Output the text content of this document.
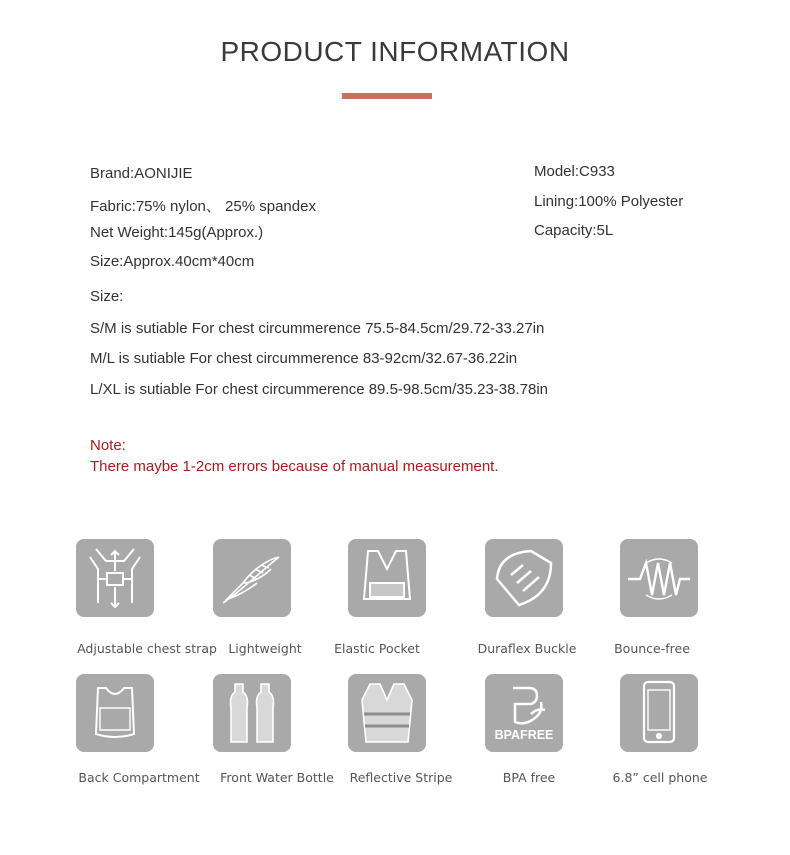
PRODUCT INFORMATION
Brand:AONIJIE
Fabric:75% nylon、 25% spandex
Net Weight:145g(Approx.)
Size:Approx.40cm*40cm
Model:C933
Lining:100% Polyester
Capacity:5L
Size:
S/M is sutiable For chest circummerence 75.5-84.5cm/29.72-33.27in
M/L is sutiable For chest circummerence 83-92cm/32.67-36.22in
L/XL is sutiable For chest circummerence 89.5-98.5cm/35.23-38.78in
Note:
There maybe 1-2cm errors because of manual measurement.
Adjustable chest strap Lightweight	Elastic Pocket	Duraflex Buckle	Bounce-free
BPAFREE
Back Compartment Front Water Bottle Reflective Stripe	BPA free	6.8” cell phone
